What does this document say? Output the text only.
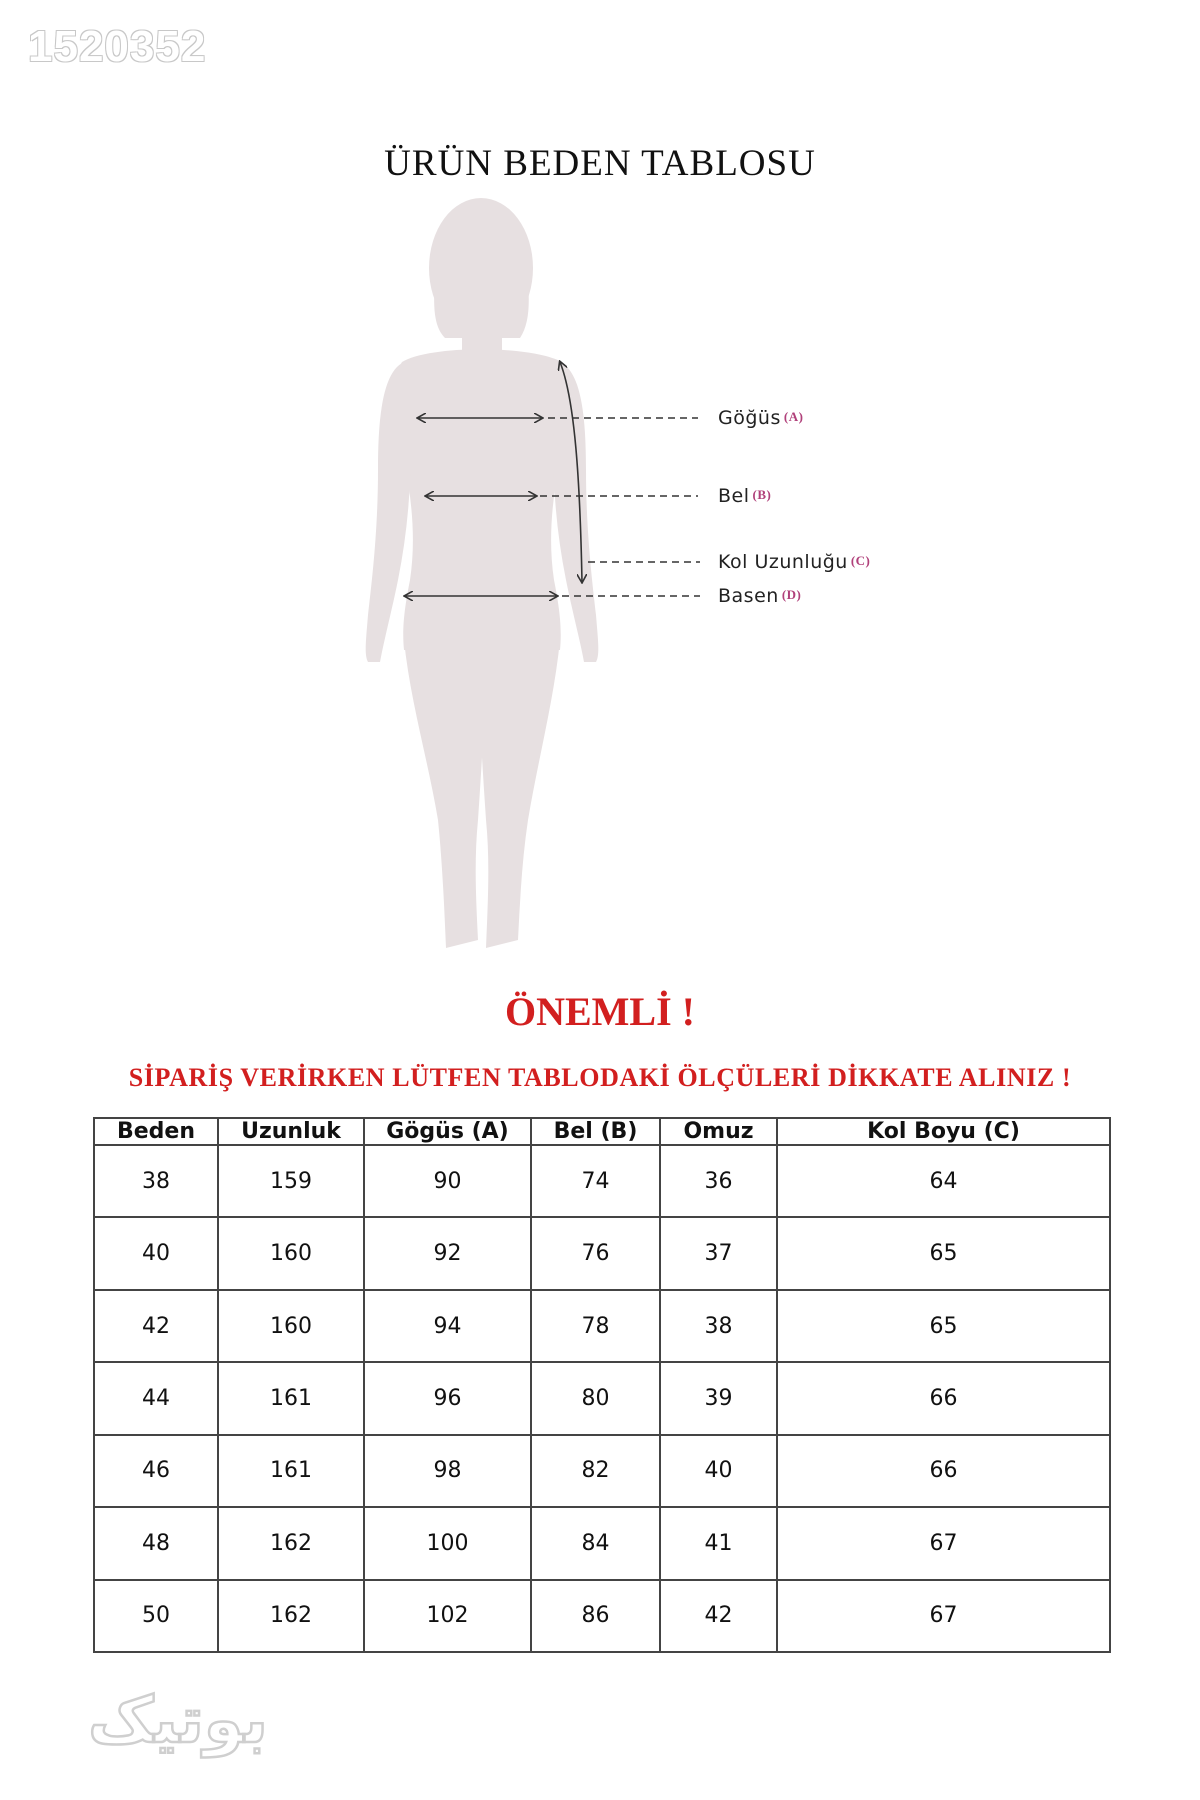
1520352
ÜRÜN BEDEN TABLOSU
Göğüs (A)
Bel (B)
Kol Uzunluğu (C)
Basen (D)
ÖNEMLİ !
SİPARİŞ VERİRKEN LÜTFEN TABLODAKİ ÖLÇÜLERİ DİKKATE ALINIZ !
Beden	Uzunluk	Gögüs (A)	Bel (B)	Omuz	Kol Boyu (C)
38	159	90	74	36	64
40	160	92	76	37	65
42	160	94	78	38	65
44	161	96	80	39	66
46	161	98	82	40	66
48	162	100	84	41	67
50	162	102	86	42	67
بوتیک
